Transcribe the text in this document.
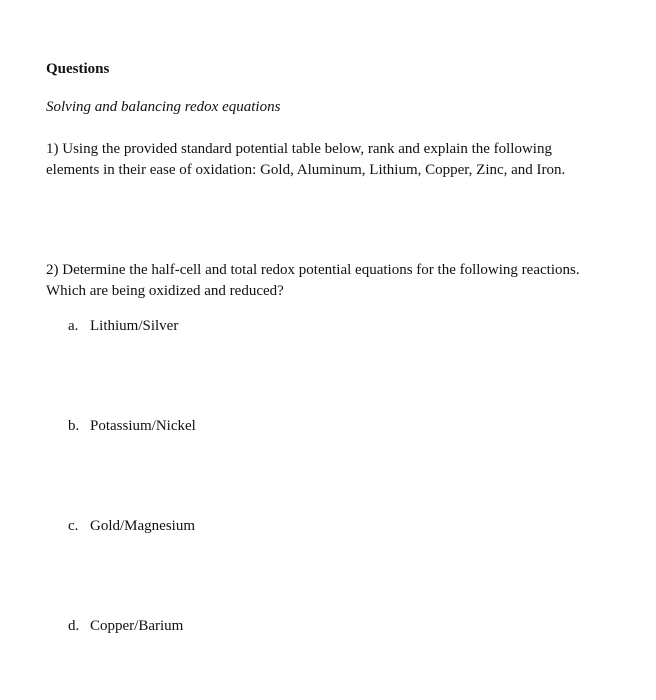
Questions

Solving and balancing redox equations

1) Using the provided standard potential table below, rank and explain the following
elements in their ease of oxidation: Gold, Aluminum, Lithium, Copper, Zinc, and Iron.
2) Determine the half-cell and total redox potential equations for the following reactions.
Which are being oxidized and reduced?
a. Lithium/Silver
b. Potassium/Nickel
c. Gold/Magnesium
d. Copper/Barium
